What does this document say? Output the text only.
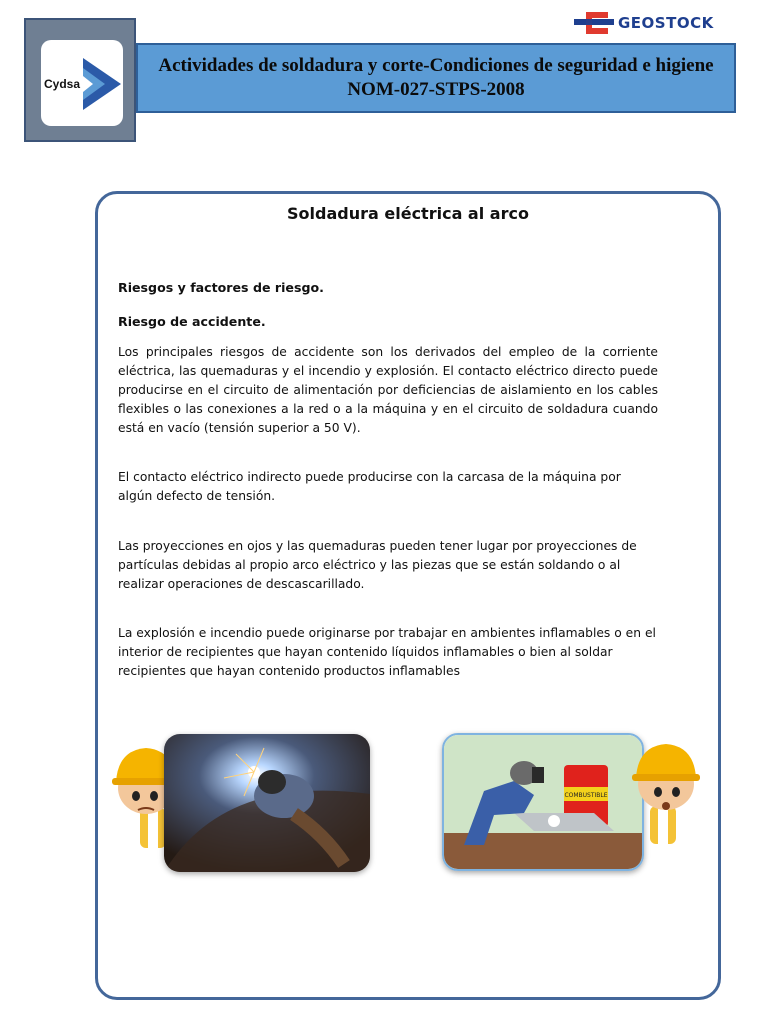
GEOSTOCK
Cydsa
Actividades de soldadura y corte-Condiciones de seguridad e higiene
NOM-027-STPS-2008
Soldadura eléctrica al arco
Riesgos y factores de riesgo.
Riesgo de accidente.
Los principales riesgos de accidente son los derivados del empleo de la corriente eléctrica, las quemaduras y el incendio y explosión. El contacto eléctrico directo puede producirse en el circuito de alimentación por deficiencias de aislamiento en los cables flexibles o las conexiones a la red o a la máquina y en el circuito de soldadura cuando está en vacío (tensión superior a 50 V).
El contacto eléctrico indirecto puede producirse con la carcasa de la máquina por algún defecto de tensión.
Las proyecciones en ojos y las quemaduras pueden tener lugar por proyecciones de partículas debidas al propio arco eléctrico y las piezas que se están soldando o al realizar operaciones de descascarillado.
La explosión e incendio puede originarse por trabajar en ambientes inflamables o en el interior de recipientes que hayan contenido líquidos inflamables o bien al soldar recipientes que hayan contenido productos inflamables
COMBUSTIBLE
